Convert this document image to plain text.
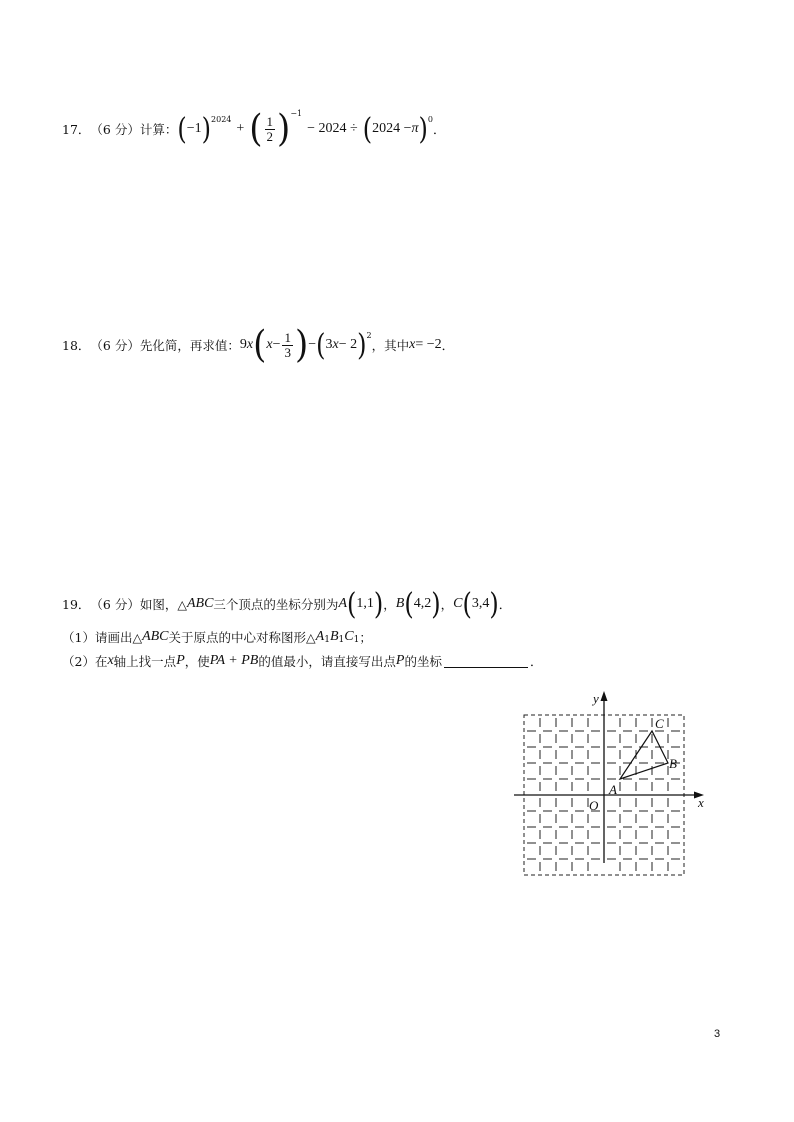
17． （6 分） 计算： ( −1 )$^{2024}$
+ ( $\frac{1}{2} )^{-1}$
− 2024 ÷ ( 2024 − π )$^0$
．
18． （6 分） 先化简，再求值： 9 x ( $x - \frac{1}{3}$ ) − ( 3 x − 2 )$^2$
，其中 x = −2 ．
19． （6 分） 如图，△ ABC 三个顶点的坐标分别为 A ( 1,1 ) ， B ( 4,2 ) ， C ( 3,4 ) ．
（1）请画出△ ABC 关于原点的中心对称图形△ A 1 B 1 C 1 ；
（2）在 x 轴上找一点 P ，使 PA + PB 的值最小，请直接写出点 P 的坐标	．
x
y
O
A
B
C
3
